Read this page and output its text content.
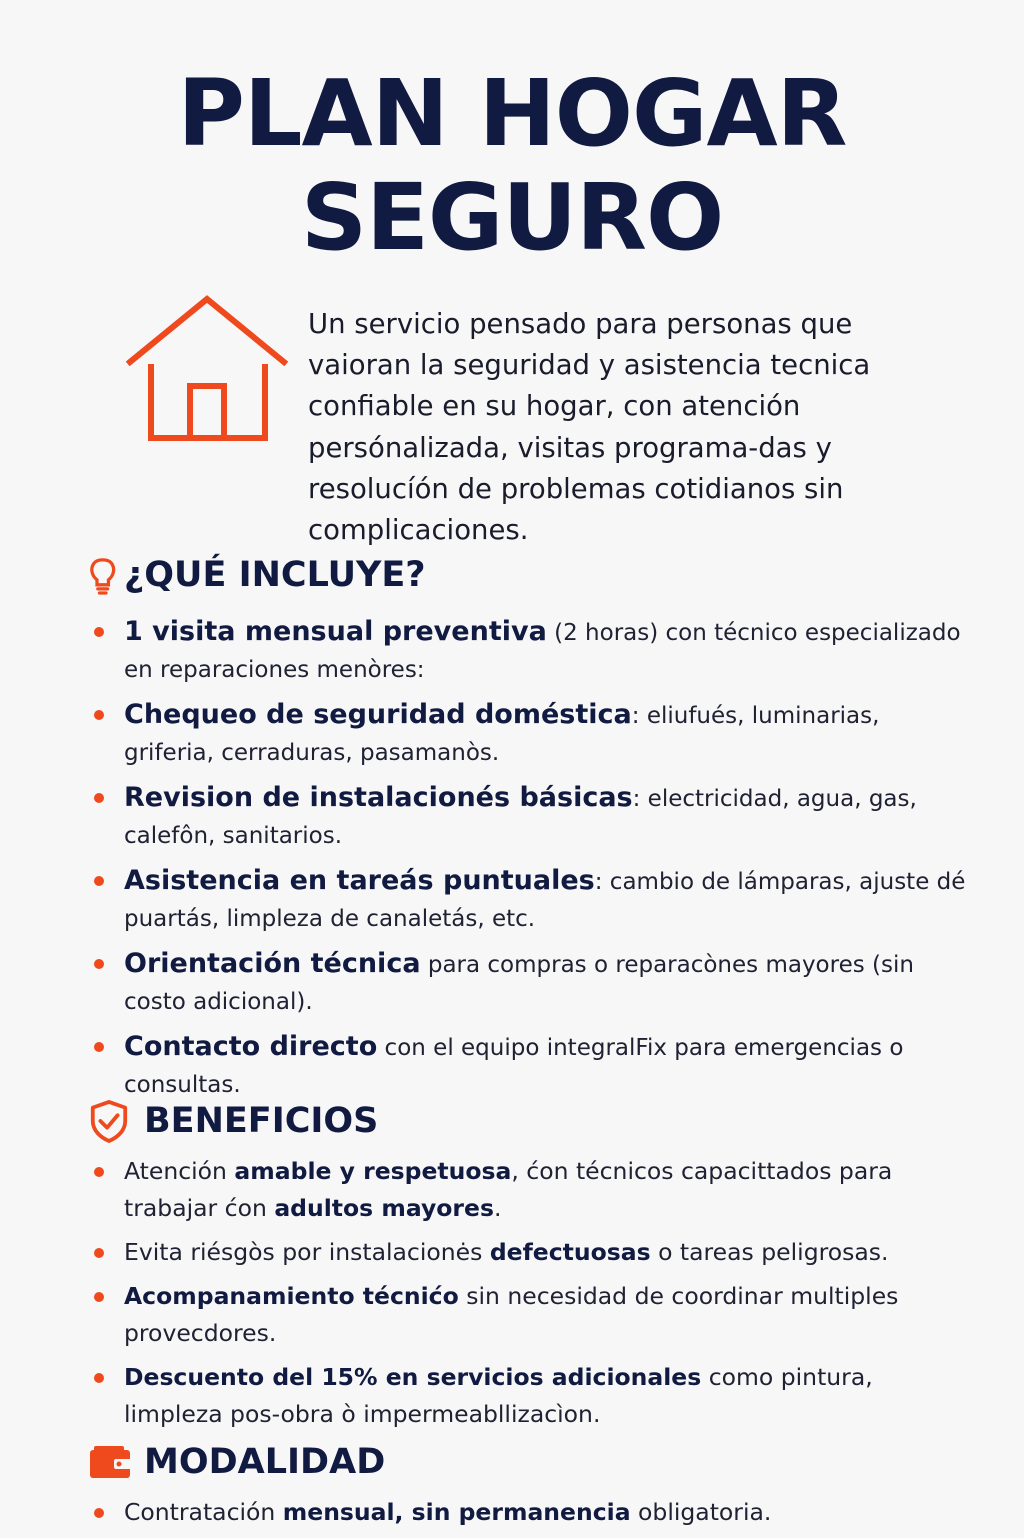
PLAN HOGAR
SEGURO

Un servicio pensado para personas que vaioran la seguridad y asistencia tecnica confiable en su hogar, con atención persónalizada, visitas programa-das y resolucíón de problemas cotidianos sin complicaciones.

¿QUÉ INCLUYE?
1 visita mensual preventiva (2 horas) con técnico especializado en reparaciones menòres:
Chequeo de seguridad doméstica: eliufués, luminarias, griferia, cerraduras, pasamanòs.
Revision de instalacionés básicas: electricidad, agua, gas, calefôn, sanitarios.
Asistencia en tareás puntuales: cambio de lámparas, ajuste dé puartás, limpleza de canaletás, etc.
Orientación técnica para compras o reparacònes mayores (sin costo adicional).
Contacto directo con el equipo integralFix para emergencias o consultas.
BENEFICIOS
Atención amable y respetuosa, ćon técnicos capacittados para trabajar ćon adultos mayores.
Evita riésgòs por instalacionės defectuosas o tareas peligrosas.
Acompanamiento técnićo sin necesidad de coordinar multiples provecdores.
Descuento del 15% en servicios adicionales como pintura, limpleza pos-obra ò impermeabllizacìon.
MODALIDAD
Contratación mensual, sin permanencia obligatoria.
